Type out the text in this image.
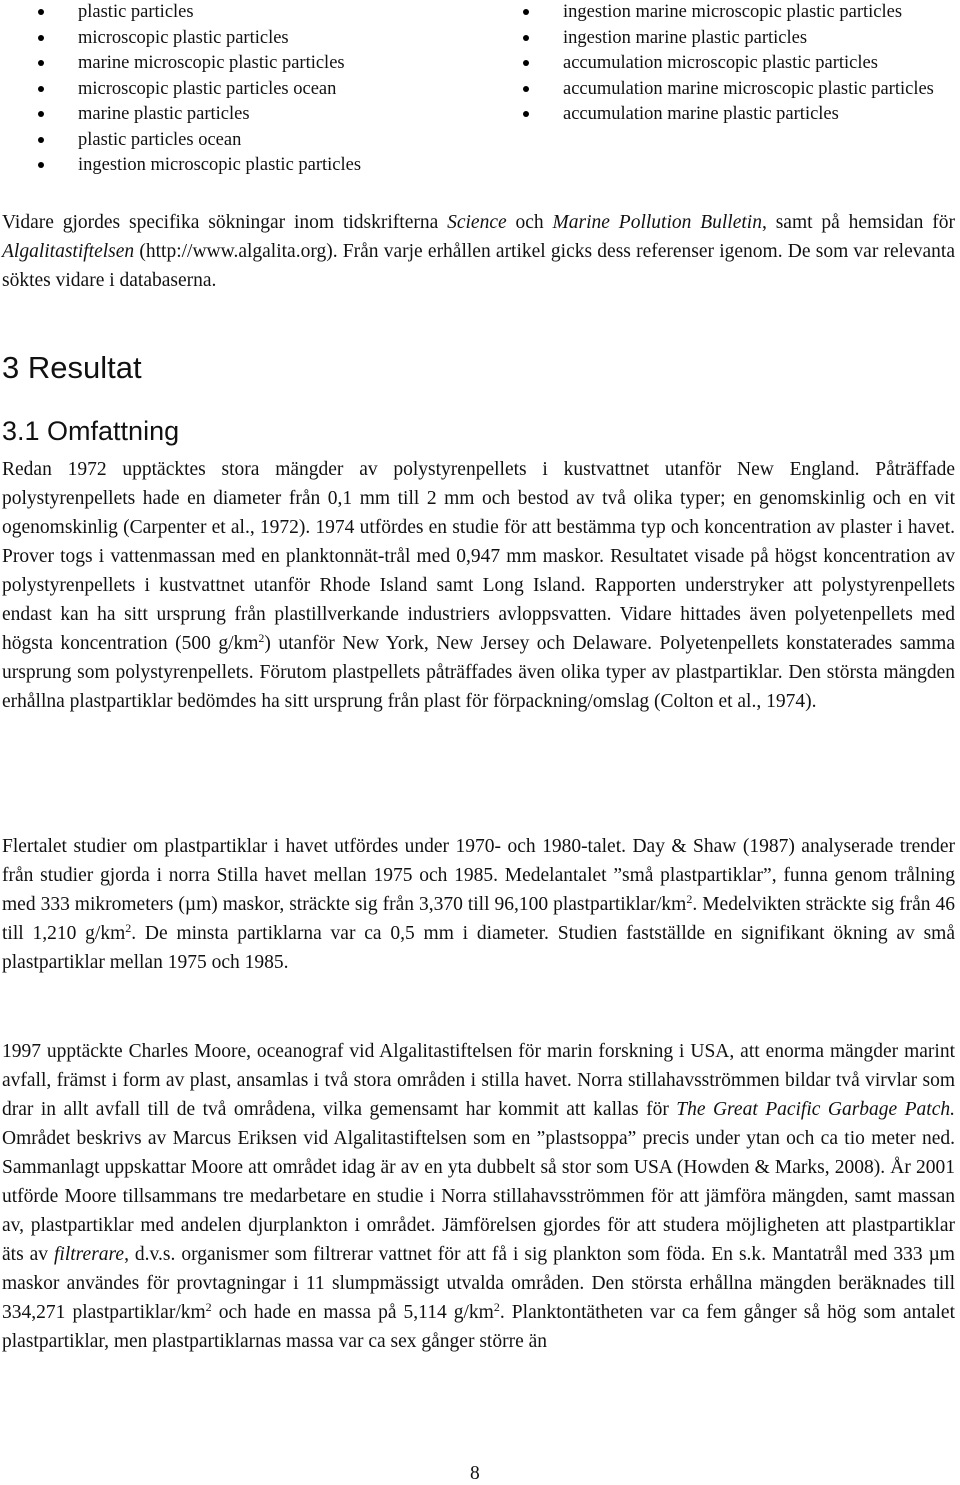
plastic particles
microscopic plastic particles
marine microscopic plastic particles
microscopic plastic particles ocean
marine plastic particles
plastic particles ocean
ingestion microscopic plastic particles
ingestion marine microscopic plastic particles
ingestion marine plastic particles
accumulation microscopic plastic particles
accumulation marine microscopic plastic particles
accumulation marine plastic particles

Vidare gjordes specifika sökningar inom tidskrifterna Science och Marine Pollution Bulletin, samt på hemsidan för Algalitastiftelsen (http://www.algalita.org). Från varje erhållen artikel gicks dess referenser igenom. De som var relevanta söktes vidare i databaserna.

3 Resultat
3.1 Omfattning

Redan 1972 upptäcktes stora mängder av polystyrenpellets i kustvattnet utanför New England. Påträffade polystyrenpellets hade en diameter från 0,1 mm till 2 mm och bestod av två olika typer; en genomskinlig och en vit ogenomskinlig (Carpenter et al., 1972). 1974 utfördes en studie för att bestämma typ och koncentration av plaster i havet. Prover togs i vattenmassan med en planktonnät-trål med 0,947 mm maskor. Resultatet visade på högst koncentration av polystyrenpellets i kustvattnet utanför Rhode Island samt Long Island. Rapporten understryker att polystyrenpellets endast kan ha sitt ursprung från plastillverkande industriers avloppsvatten. Vidare hittades även polyetenpellets med högsta koncentration (500 $g/km^2$) utanför New York, New Jersey och Delaware. Polyetenpellets konstaterades samma ursprung som polystyrenpellets. Förutom plastpellets påträffades även olika typer av plastpartiklar. Den största mängden erhållna plastpartiklar bedömdes ha sitt ursprung från plast för förpackning/omslag (Colton et al., 1974).

Flertalet studier om plastpartiklar i havet utfördes under 1970- och 1980-talet. Day & Shaw (1987) analyserade trender från studier gjorda i norra Stilla havet mellan 1975 och 1985. Medelantalet ”små plastpartiklar”, funna genom trålning med 333 mikrometers (µm) maskor, sträckte sig från 3,370 till 96,100 plastpartiklar/$km^2$. Medelvikten sträckte sig från 46 till 1,210 $g/km^2$. De minsta partiklarna var ca 0,5 mm i diameter. Studien fastställde en signifikant ökning av små plastpartiklar mellan 1975 och 1985.

1997 upptäckte Charles Moore, oceanograf vid Algalitastiftelsen för marin forskning i USA, att enorma mängder marint avfall, främst i form av plast, ansamlas i två stora områden i stilla havet. Norra stillahavsströmmen bildar två virvlar som drar in allt avfall till de två områdena, vilka gemensamt har kommit att kallas för The Great Pacific Garbage Patch. Området beskrivs av Marcus Eriksen vid Algalitastiftelsen som en ”plastsoppa” precis under ytan och ca tio meter ned. Sammanlagt uppskattar Moore att området idag är av en yta dubbelt så stor som USA (Howden & Marks, 2008). År 2001 utförde Moore tillsammans tre medarbetare en studie i Norra stillahavsströmmen för att jämföra mängden, samt massan av, plastpartiklar med andelen djurplankton i området. Jämförelsen gjordes för att studera möjligheten att plastpartiklar äts av filtrerare, d.v.s. organismer som filtrerar vattnet för att få i sig plankton som föda. En s.k. Mantatrål med 333 µm maskor användes för provtagningar i 11 slumpmässigt utvalda områden. Den största erhållna mängden beräknades till 334,271 plastpartiklar/$km^2$ och hade en massa på 5,114 $g/km^2$. Planktontätheten var ca fem gånger så hög som antalet plastpartiklar, men plastpartiklarnas massa var ca sex gånger större än

8
